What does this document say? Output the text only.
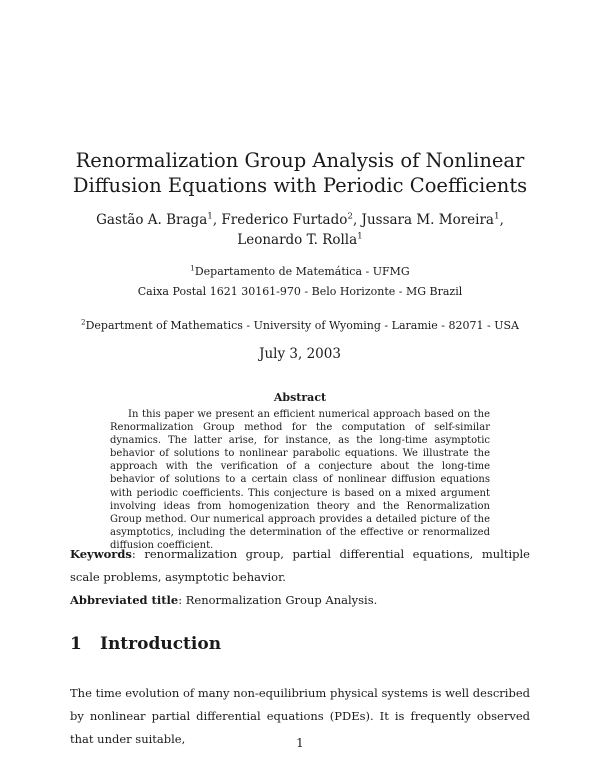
Renormalization Group Analysis of Nonlinear
Diffusion Equations with Periodic Coefficients
Gastão A. Braga$^1$, Frederico Furtado$^2$, Jussara M. Moreira$^1$,
Leonardo T. Rolla$^1$
$^1$Departamento de Matemática - UFMG
Caixa Postal 1621 30161-970 - Belo Horizonte - MG Brazil
$^2$Department of Mathematics - University of Wyoming - Laramie - 82071 - USA
July 3, 2003
Abstract
In this paper we present an efficient numerical approach based on the Renormalization Group method for the computation of self-similar dynamics. The latter arise, for instance, as the long-time asymptotic behavior of solutions to nonlinear parabolic equations. We illustrate the approach with the verification of a conjecture about the long-time behavior of solutions to a certain class of nonlinear diffusion equations with periodic coefficients. This conjecture is based on a mixed argument involving ideas from homogenization theory and the Renormalization Group method. Our numerical approach provides a detailed picture of the asymptotics, including the determination of the effective or renormalized diffusion coefficient.
Keywords: renormalization group, partial differential equations, multiple scale problems, asymptotic behavior.
Abbreviated title: Renormalization Group Analysis.
1 Introduction
The time evolution of many non-equilibrium physical systems is well described by nonlinear partial differential equations (PDEs). It is frequently observed that under suitable,	1
